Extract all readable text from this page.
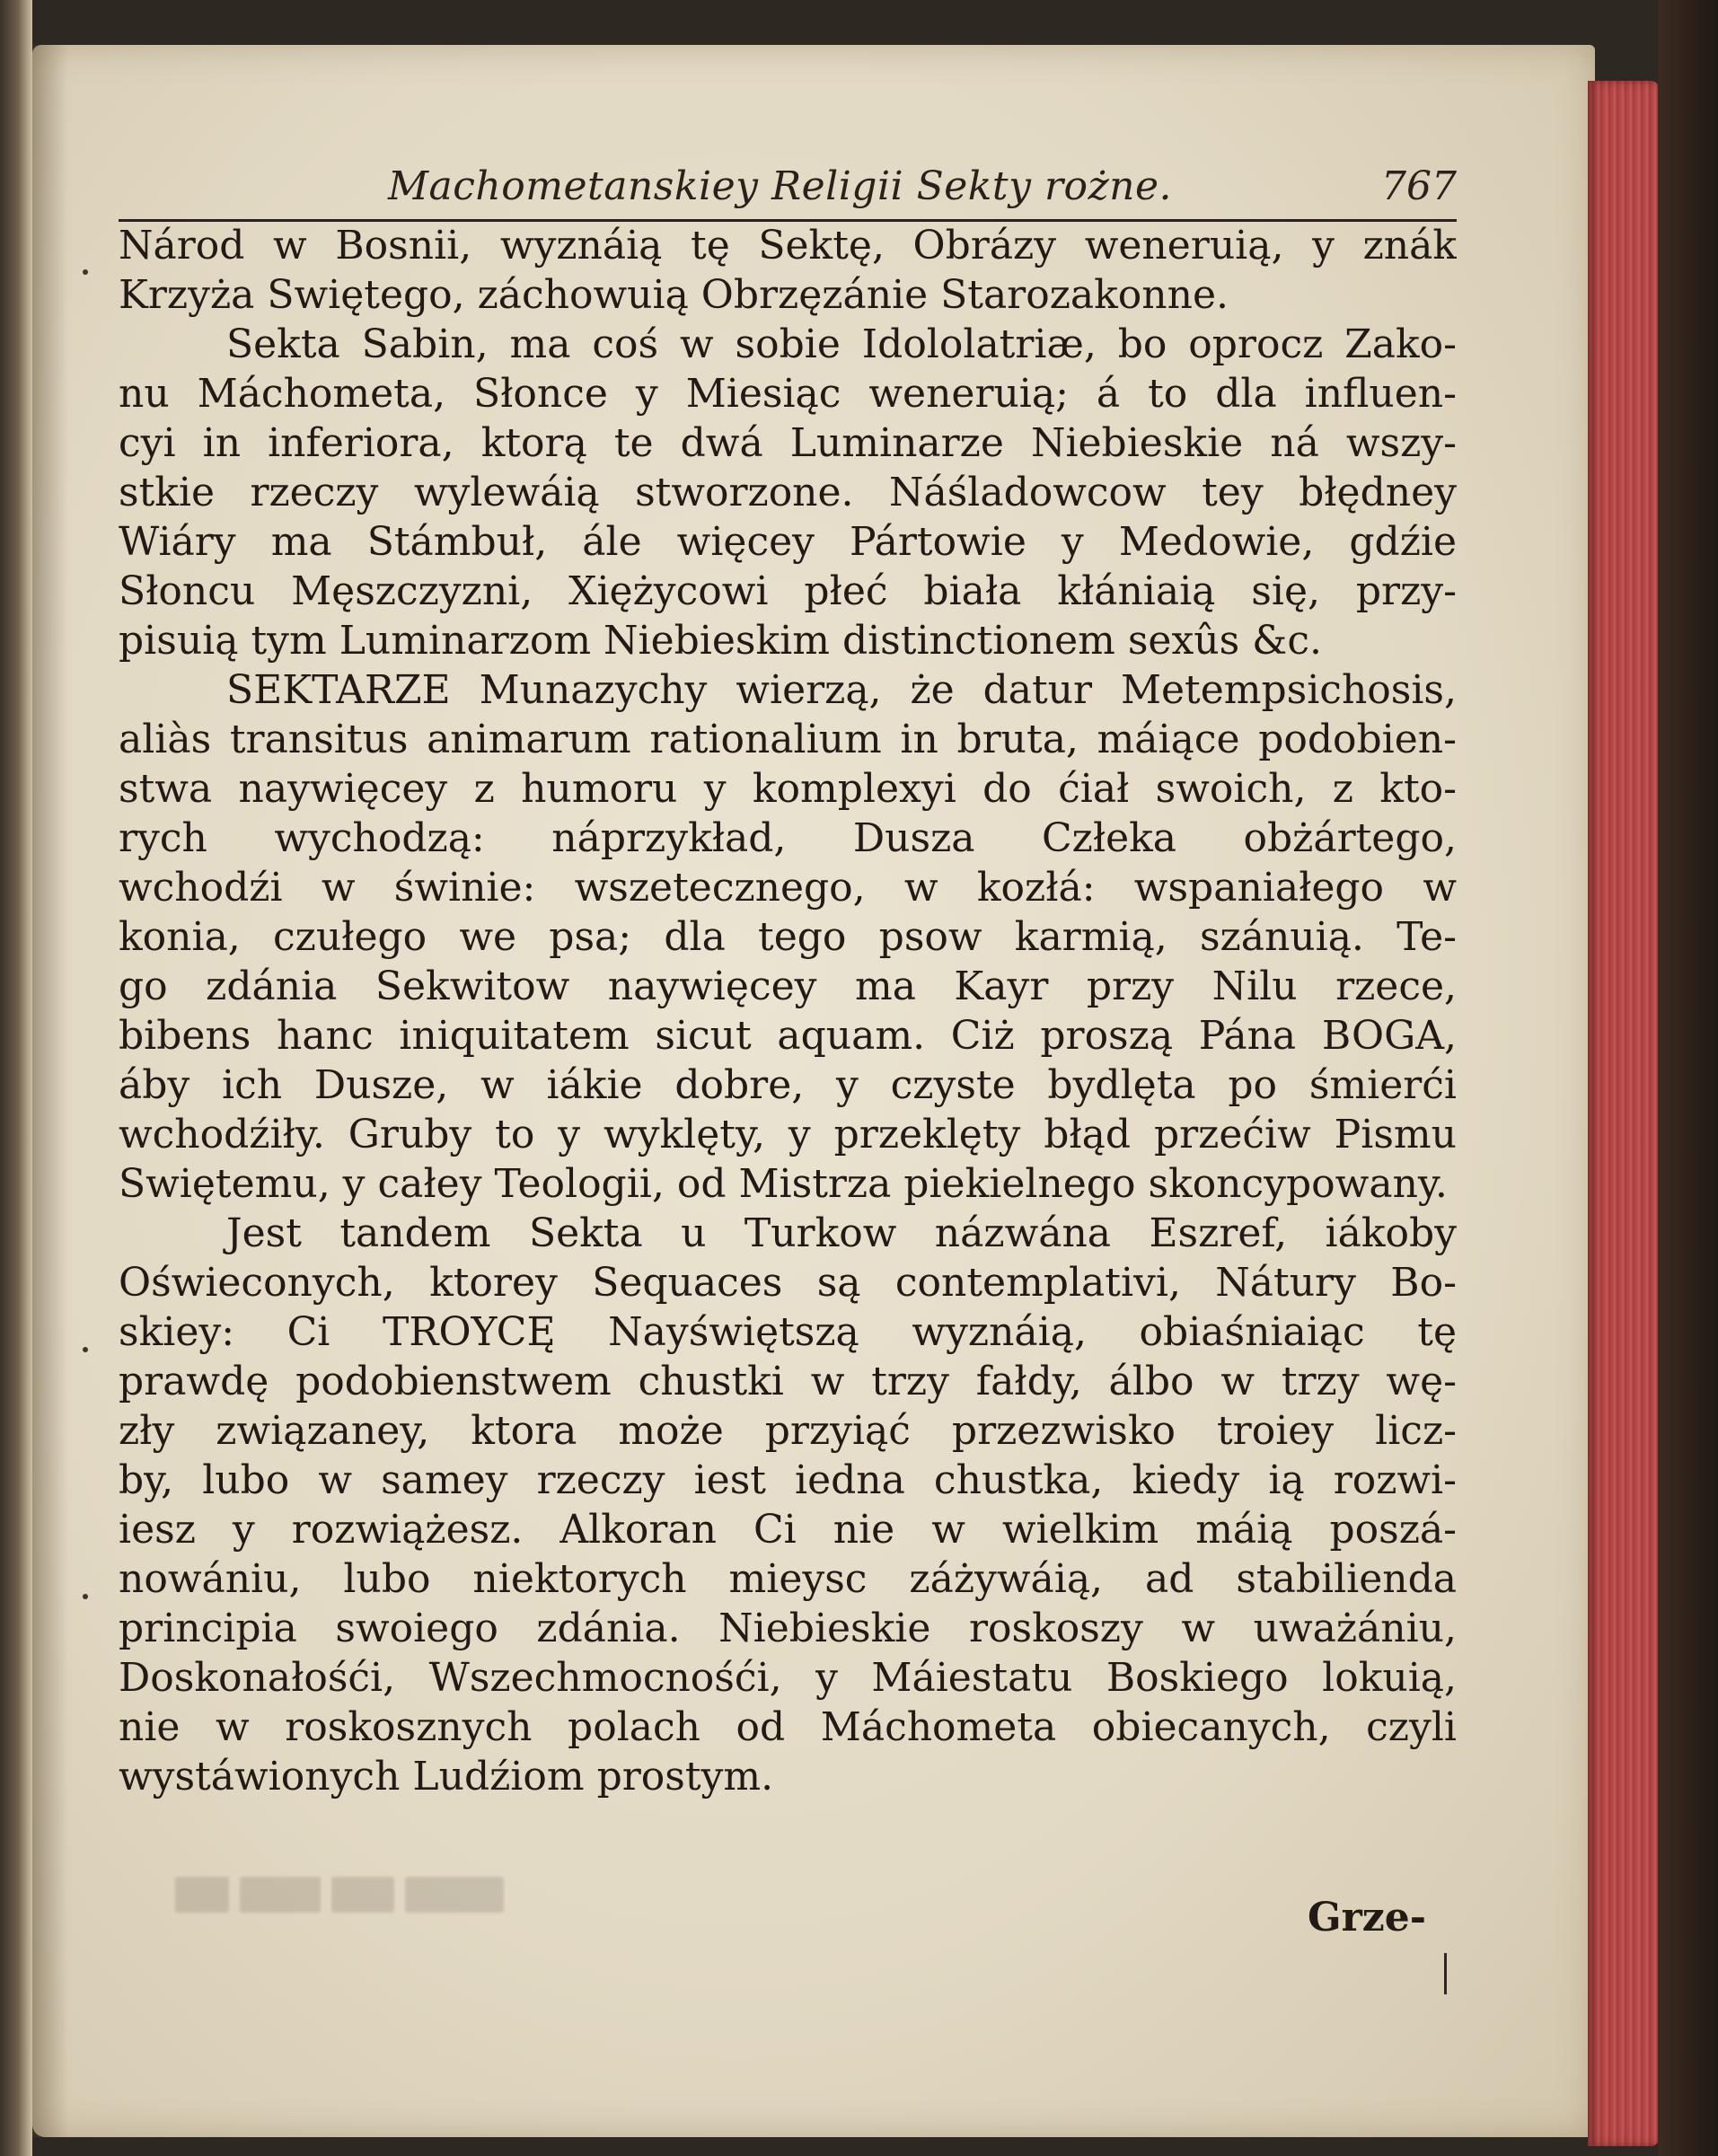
Machometanskiey Religii Sekty rożne.	767
Národ w Bosnii, wyznáią tę Sektę, Obrázy weneruią, y znák
Krzyża Swiętego, záchowuią Obrzęzánie Starozakonne.
Sekta Sabin, ma coś w sobie Idololatriæ, bo oprocz Zako-
nu Máchometa, Słonce y Miesiąc weneruią; á to dla influen-
cyi in inferiora, ktorą te dwá Luminarze Niebieskie ná wszy-
stkie rzeczy wylewáią stworzone. Náśladowcow tey błędney
Wiáry ma Stámbuł, ále więcey Pártowie y Medowie, gdźie
Słoncu Męszczyzni, Xiężycowi płeć biała kłániaią się, przy-
pisuią tym Luminarzom Niebieskim distinctionem sexûs &c.
SEKTARZE Munazychy wierzą, że datur Metempsichosis,
aliàs transitus animarum rationalium in bruta, máiące podobien-
stwa naywięcey z humoru y komplexyi do ćiał swoich, z kto-
rych wychodzą: náprzykład, Dusza Człeka obżártego,
wchodźi w świnie: wszetecznego, w kozłá: wspaniałego w
konia, czułego we psa; dla tego psow karmią, szánuią. Te-
go zdánia Sekwitow naywięcey ma Kayr przy Nilu rzece,
bibens hanc iniquitatem sicut aquam. Ciż proszą Pána BOGA,
áby ich Dusze, w iákie dobre, y czyste bydlęta po śmierći
wchodźiły. Gruby to y wyklęty, y przeklęty błąd przećiw Pismu
Swiętemu, y całey Teologii, od Mistrza piekielnego skoncypowany.
Jest tandem Sekta u Turkow názwána Eszref, iákoby
Oświeconych, ktorey Sequaces są contemplativi, Nátury Bo-
skiey: Ci TROYCĘ Nayświętszą wyznáią, obiaśniaiąc tę
prawdę podobienstwem chustki w trzy fałdy, álbo w trzy wę-
zły związaney, ktora może przyiąć przezwisko troiey licz-
by, lubo w samey rzeczy iest iedna chustka, kiedy ią rozwi-
iesz y rozwiążesz. Alkoran Ci nie w wielkim máią poszá-
nowániu, lubo niektorych mieysc záżywáią, ad stabilienda
principia swoiego zdánia. Niebieskie roskoszy w uważániu,
Doskonałośći, Wszechmocnośći, y Máiestatu Boskiego lokuią,
nie w roskosznych polach od Máchometa obiecanych, czyli
wystáwionych Ludźiom prostym.
Grze-
